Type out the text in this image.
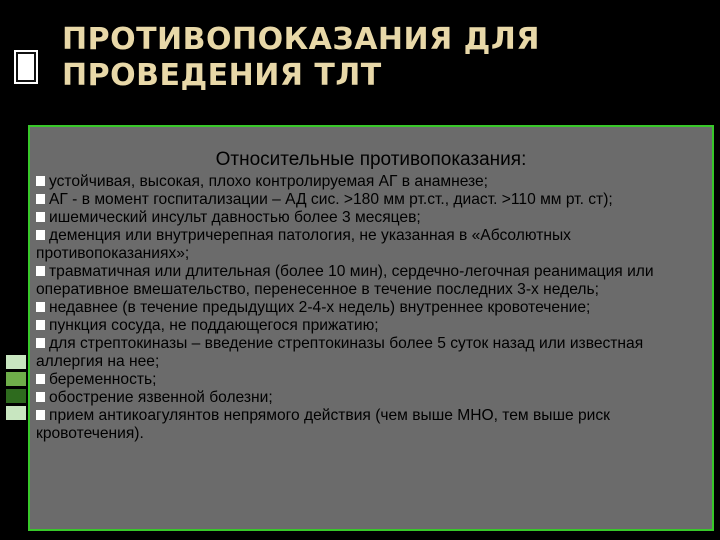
ПРОТИВОПОКАЗАНИЯ ДЛЯ
ПРОВЕДЕНИЯ ТЛТ

Относительные противопоказания:

устойчивая, высокая, плохо контролируемая АГ в анамнезе;
АГ - в момент госпитализации – АД сис. >180 мм рт.ст., диаст. >110 мм рт. ст);
ишемический инсульт давностью более 3 месяцев;
деменция или внутричерепная патология, не указанная в «Абсолютных противопоказаниях»;
травматичная или длительная (более 10 мин), сердечно-легочная реанимация или оперативное вмешательство, перенесенное в течение последних 3-х недель;
недавнее (в течение предыдущих 2-4-х недель) внутреннее кровотечение;
пункция сосуда, не поддающегося прижатию;
для стрептокиназы – введение стрептокиназы более 5 суток назад или известная аллергия на нее;
беременность;
обострение язвенной болезни;
прием антикоагулянтов непрямого действия (чем выше МНО, тем выше риск кровотечения).
